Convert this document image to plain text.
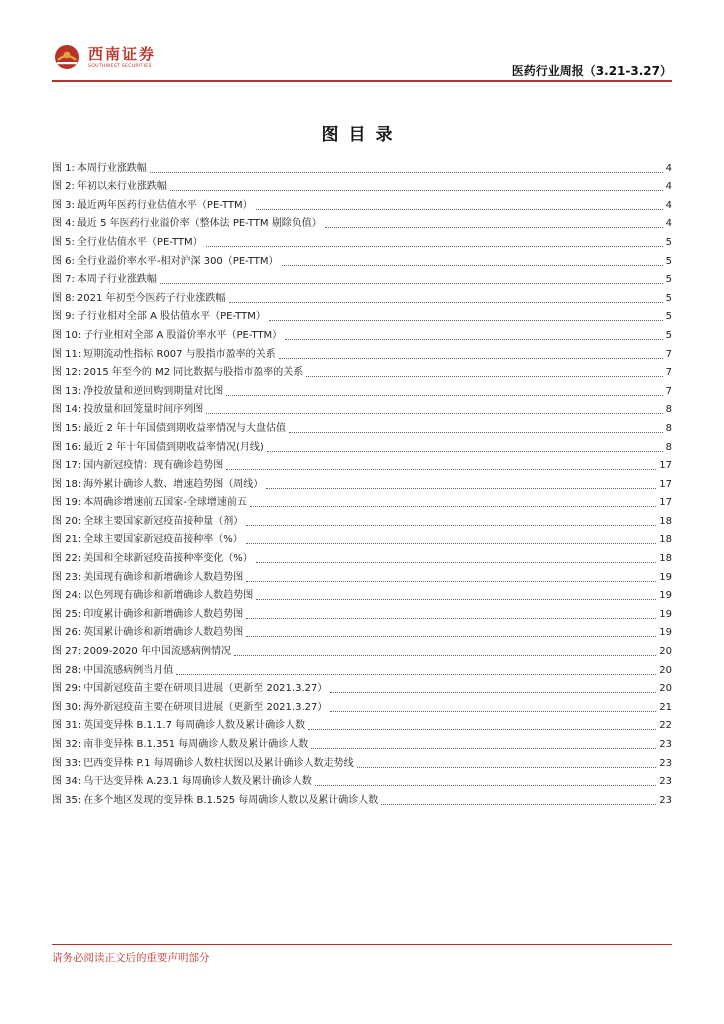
西南证券
SOUTHWEST SECURITIES	医药行业周报（3.21-3.27）
图目录
图 1: 本周行业涨跌幅	4
图 2: 年初以来行业涨跌幅	4
图 3: 最近两年医药行业估值水平（PE-TTM）	4
图 4: 最近 5 年医药行业溢价率（整体法 PE-TTM 剔除负值）	4
图 5: 全行业估值水平（PE-TTM）	5
图 6: 全行业溢价率水平-相对沪深 300（PE-TTM）	5
图 7: 本周子行业涨跌幅	5
图 8: 2021 年初至今医药子行业涨跌幅	5
图 9: 子行业相对全部 A 股估值水平（PE-TTM）	5
图 10: 子行业相对全部 A 股溢价率水平（PE-TTM）	5
图 11: 短期流动性指标 R007 与股指市盈率的关系	7
图 12: 2015 年至今的 M2 同比数据与股指市盈率的关系	7
图 13: 净投放量和逆回购到期量对比图	7
图 14: 投放量和回笼量时间序列图	8
图 15: 最近 2 年十年国债到期收益率情况与大盘估值	8
图 16: 最近 2 年十年国债到期收益率情况(月线)	8
图 17: 国内新冠疫情：现有确诊趋势图	17
图 18: 海外累计确诊人数、增速趋势图（周线）	17
图 19: 本周确诊增速前五国家-全球增速前五	17
图 20: 全球主要国家新冠疫苗接种量（剂）	18
图 21: 全球主要国家新冠疫苗接种率（%）	18
图 22: 美国和全球新冠疫苗接种率变化（%）	18
图 23: 美国现有确诊和新增确诊人数趋势图	19
图 24: 以色列现有确诊和新增确诊人数趋势图	19
图 25: 印度累计确诊和新增确诊人数趋势图	19
图 26: 英国累计确诊和新增确诊人数趋势图	19
图 27: 2009-2020 年中国流感病例情况	20
图 28: 中国流感病例当月值	20
图 29: 中国新冠疫苗主要在研项目进展（更新至 2021.3.27）	20
图 30: 海外新冠疫苗主要在研项目进展（更新至 2021.3.27）	21
图 31: 英国变异株 B.1.1.7 每周确诊人数及累计确诊人数	22
图 32: 南非变异株 B.1.351 每周确诊人数及累计确诊人数	23
图 33: 巴西变异株 P.1 每周确诊人数柱状图以及累计确诊人数走势线	23
图 34: 乌干达变异株 A.23.1 每周确诊人数及累计确诊人数	23
图 35: 在多个地区发现的变异株 B.1.525 每周确诊人数以及累计确诊人数	23
请务必阅读正文后的重要声明部分
